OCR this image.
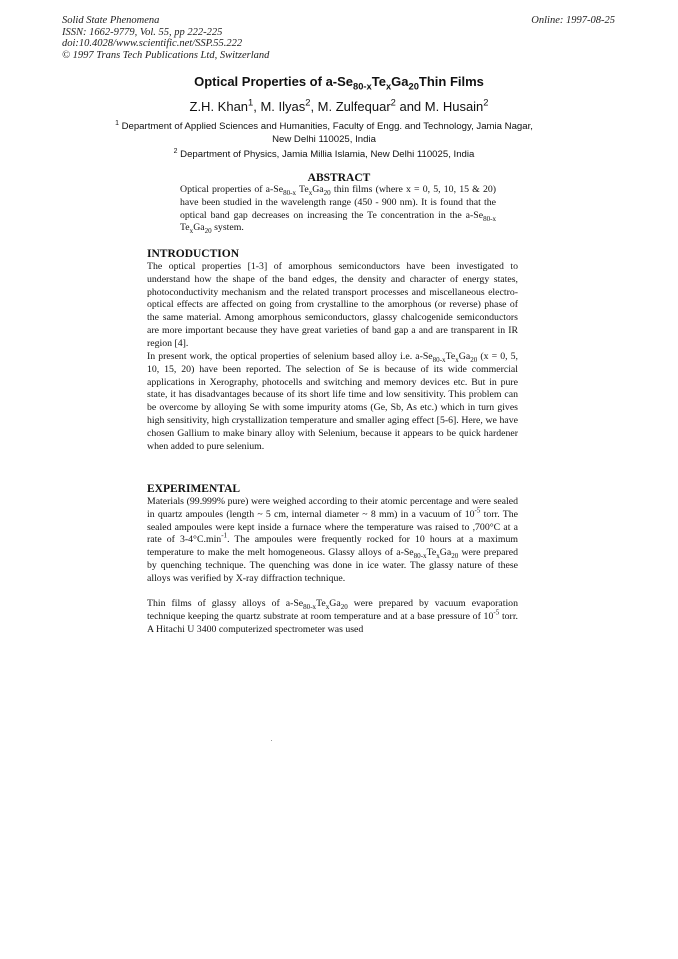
Solid State Phenomena
ISSN: 1662-9779, Vol. 55, pp 222-225
doi:10.4028/www.scientific.net/SSP.55.222
© 1997 Trans Tech Publications Ltd, Switzerland
Online: 1997-08-25
Optical Properties of $a-Se_{80-x}Te_xGa_{20}Thin$ Films
Z.H. Khan$^1$, M. Ilyas$^2$, M. Zulfequar$^2$ and M. Husain$^2$
$^1$ Department of Applied Sciences and Humanities, Faculty of Engg. and Technology, Jamia Nagar, New Delhi 110025, India
$^2$ Department of Physics, Jamia Millia Islamia, New Delhi 110025, India
ABSTRACT
Optical properties of $a-Se_{80-x}$ $Te_xGa_{20}$ thin films (where x = 0, 5, 10, 15 & 20) have been studied in the wavelength range (450 - 900 nm). It is found that the optical band gap decreases on increasing the Te concentration in the $a-Se_{80-x}$ $Te_xGa_{20}$ system.
INTRODUCTION
The optical properties [1-3] of amorphous semiconductors have been investigated to understand how the shape of the band edges, the density and character of energy states, photoconductivity mechanism and the related transport processes and miscellaneous electro-optical effects are affected on going from crystalline to the amorphous (or reverse) phase of the same material. Among amorphous semiconductors, glassy chalcogenide semiconductors are more important because they have great varieties of band gap a and are transparent in IR region [4].
In present work, the optical properties of selenium based alloy i.e. $a-Se_{80-x}Te_xGa_{20}$ (x = 0, 5, 10, 15, 20) have been reported. The selection of Se is because of its wide commercial applications in Xerography, photocells and switching and memory devices etc. But in pure state, it has disadvantages because of its short life time and low sensitivity. This problem can be overcome by alloying Se with some impurity atoms (Ge, Sb, As etc.) which in turn gives high sensitivity, high crystallization temperature and smaller aging effect [5-6]. Here, we have chosen Gallium to make binary alloy with Selenium, because it appears to be quick hardener when added to pure selenium.
EXPERIMENTAL
Materials (99.999% pure) were weighed according to their atomic percentage and were sealed in quartz ampoules (length ~ 5 cm, internal diameter ~ 8 mm) in a vacuum of $10^{-5}$ torr. The sealed ampoules were kept inside a furnace where the temperature was raised to ,700°C at a rate of $3-4^\circ C.\min^{-1}$. The ampoules were frequently rocked for 10 hours at a maximum temperature to make the melt homogeneous. Glassy alloys of $a-Se_{80-x}Te_xGa_{20}$ were prepared by quenching technique. The quenching was done in ice water. The glassy nature of these alloys was verified by X-ray diffraction technique.
Thin films of glassy alloys of $a-Se_{80-x}Te_xGa_{20}$ were prepared by vacuum evaporation technique keeping the quartz substrate at room temperature and at a base pressure of $10^{-5}$ torr. A Hitachi U 3400 computerized spectrometer was used
